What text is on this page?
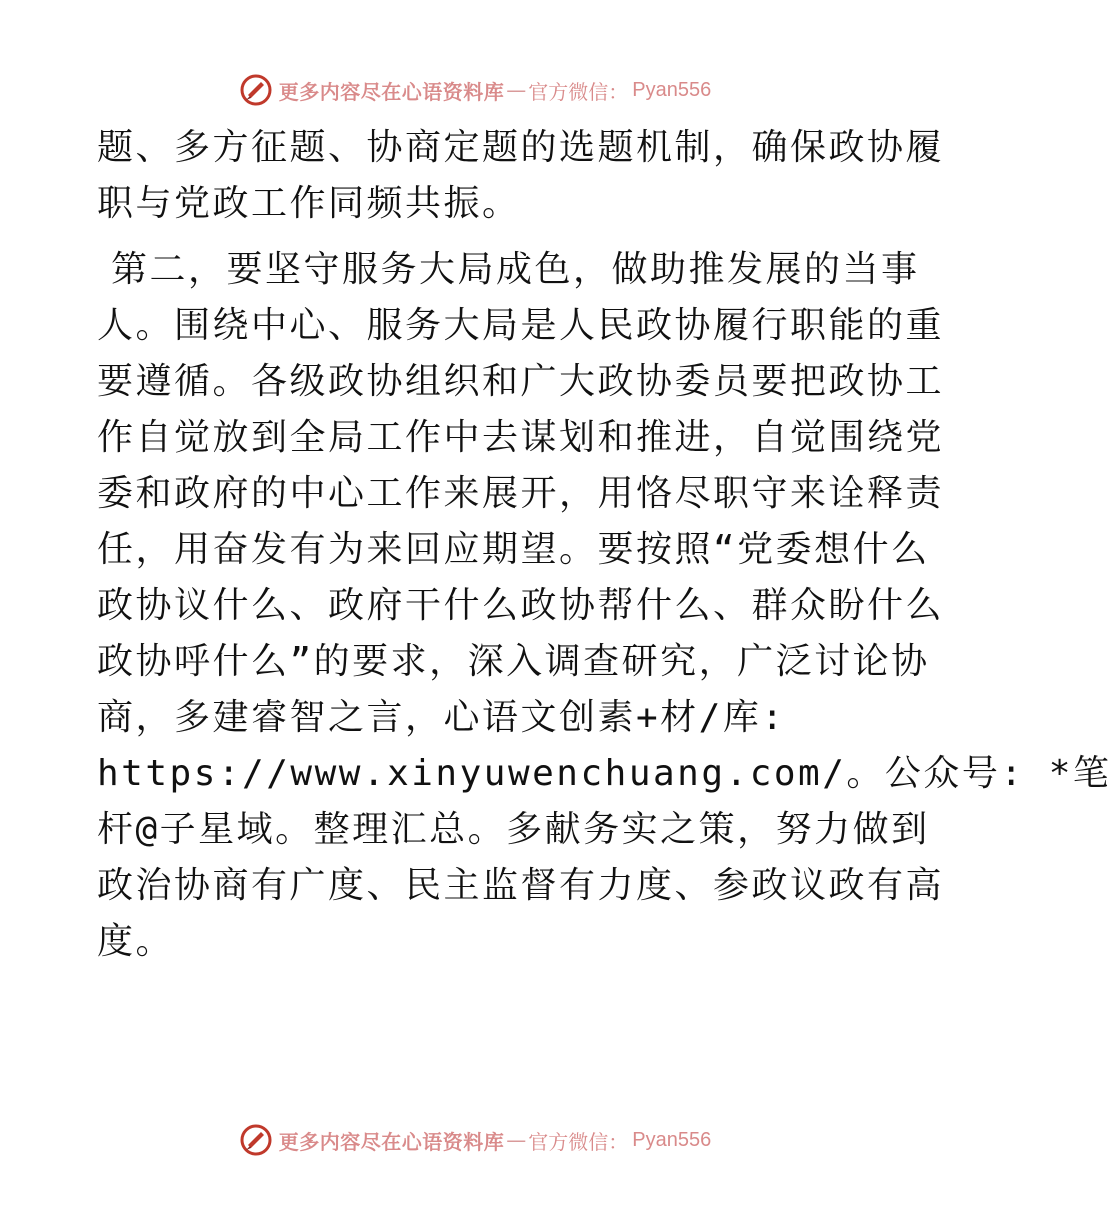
更多内容尽在心语资料库 — 官方微信： Pyan556
题、多方征题、协商定题的选题机制，确保政协履
职与党政工作同频共振。
第二，要坚守服务大局成色，做助推发展的当事
人。围绕中心、服务大局是人民政协履行职能的重
要遵循。各级政协组织和广大政协委员要把政协工
作自觉放到全局工作中去谋划和推进，自觉围绕党
委和政府的中心工作来展开，用恪尽职守来诠释责
任，用奋发有为来回应期望。要按照“党委想什么
政协议什么、政府干什么政协帮什么、群众盼什么
政协呼什么”的要求，深入调查研究，广泛讨论协
商，多建睿智之言，心语文创素+材/库:
https://www.xinyuwenchuang.com/。公众号: *笔
杆@子星域。整理汇总。多献务实之策，努力做到
政治协商有广度、民主监督有力度、参政议政有高
度。
更多内容尽在心语资料库 — 官方微信： Pyan556
